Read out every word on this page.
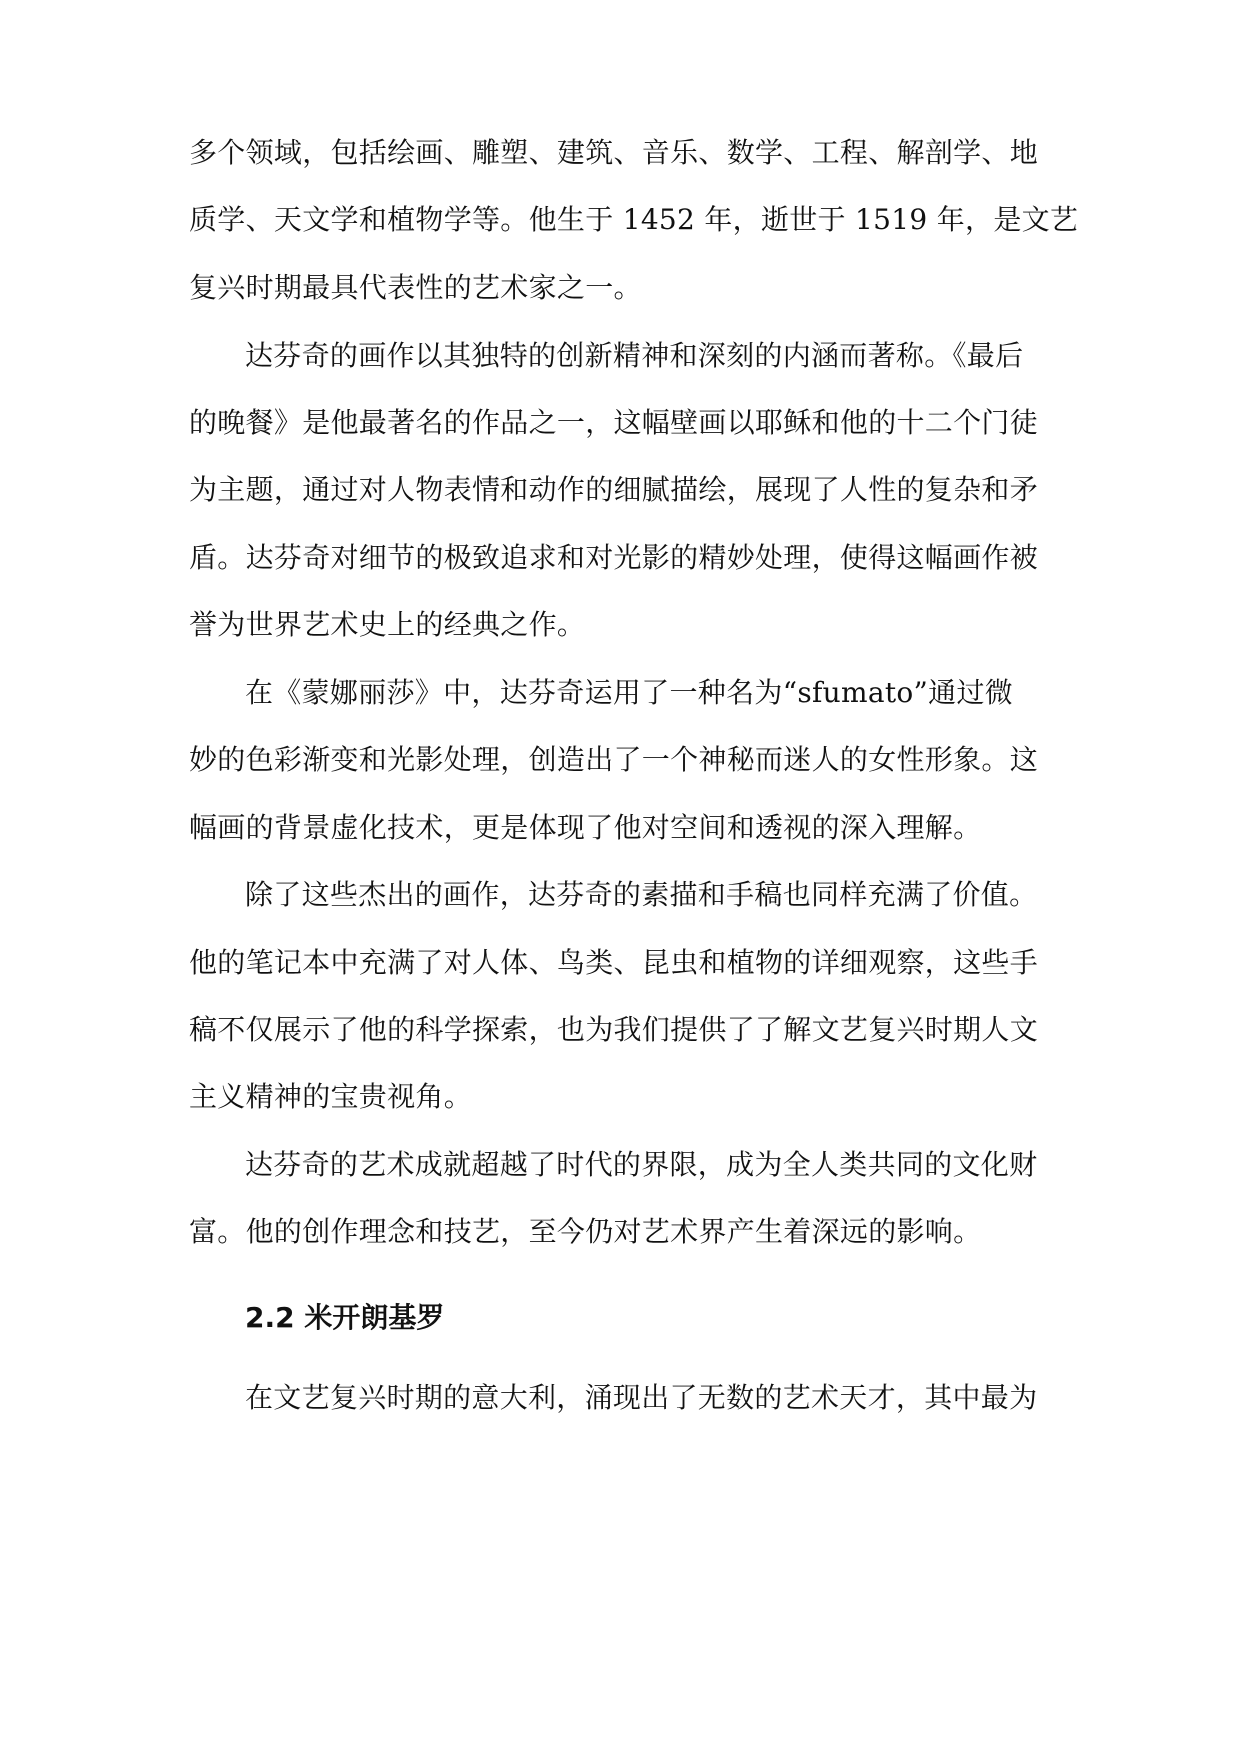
多个领域，包括绘画、雕塑、建筑、音乐、数学、工程、解剖学、地
质学、天文学和植物学等。他生于 1452 年，逝世于 1519 年，是文艺
复兴时期最具代表性的艺术家之一。
达芬奇的画作以其独特的创新精神和深刻的内涵而著称。《最后
的晚餐》是他最著名的作品之一，这幅壁画以耶稣和他的十二个门徒
为主题，通过对人物表情和动作的细腻描绘，展现了人性的复杂和矛
盾。达芬奇对细节的极致追求和对光影的精妙处理，使得这幅画作被
誉为世界艺术史上的经典之作。
在《蒙娜丽莎》中，达芬奇运用了一种名为“sfumato”通过微
妙的色彩渐变和光影处理，创造出了一个神秘而迷人的女性形象。这
幅画的背景虚化技术，更是体现了他对空间和透视的深入理解。
除了这些杰出的画作，达芬奇的素描和手稿也同样充满了价值。
他的笔记本中充满了对人体、鸟类、昆虫和植物的详细观察，这些手
稿不仅展示了他的科学探索，也为我们提供了了解文艺复兴时期人文
主义精神的宝贵视角。
达芬奇的艺术成就超越了时代的界限，成为全人类共同的文化财
富。他的创作理念和技艺，至今仍对艺术界产生着深远的影响。
2.2 米开朗基罗
在文艺复兴时期的意大利，涌现出了无数的艺术天才，其中最为
